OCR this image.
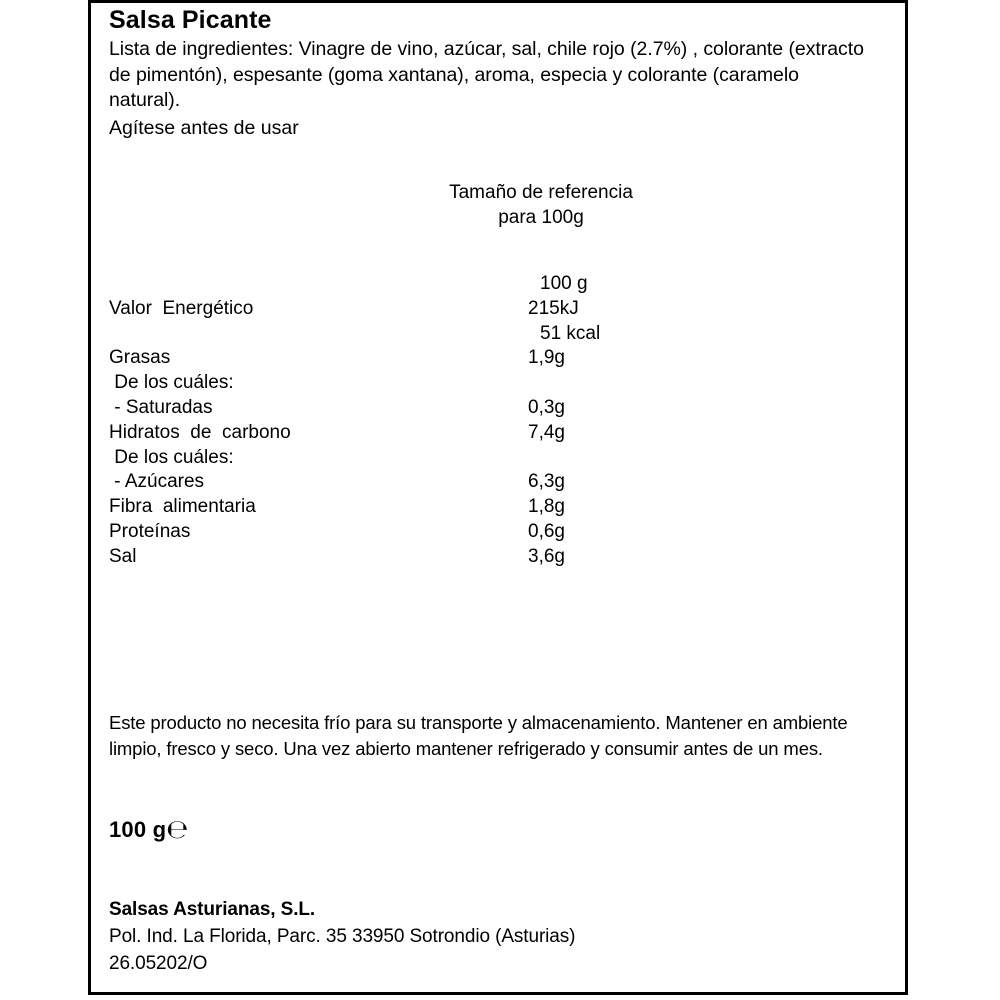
Salsa Picante
Lista de ingredientes: Vinagre de vino, azúcar, sal, chile rojo (2.7%) , colorante (extracto de pimentón), espesante (goma xantana), aroma, especia y colorante (caramelo natural).
Agítese antes de usar
Tamaño de referencia
para 100g
100 g
Valor  Energético	215kJ
51 kcal
Grasas	1,9g
De los cuáles:
- Saturadas	0,3g
Hidratos  de  carbono	7,4g
De los cuáles:
- Azúcares	6,3g
Fibra  alimentaria	1,8g
Proteínas	0,6g
Sal	3,6g
Este producto no necesita frío para su transporte y almacenamiento. Mantener en ambiente limpio, fresco y seco. Una vez abierto mantener refrigerado y consumir antes de un mes.
100 g℮
Salsas Asturianas, S.L.
Pol. Ind. La Florida, Parc. 35 33950 Sotrondio (Asturias)
26.05202/O
